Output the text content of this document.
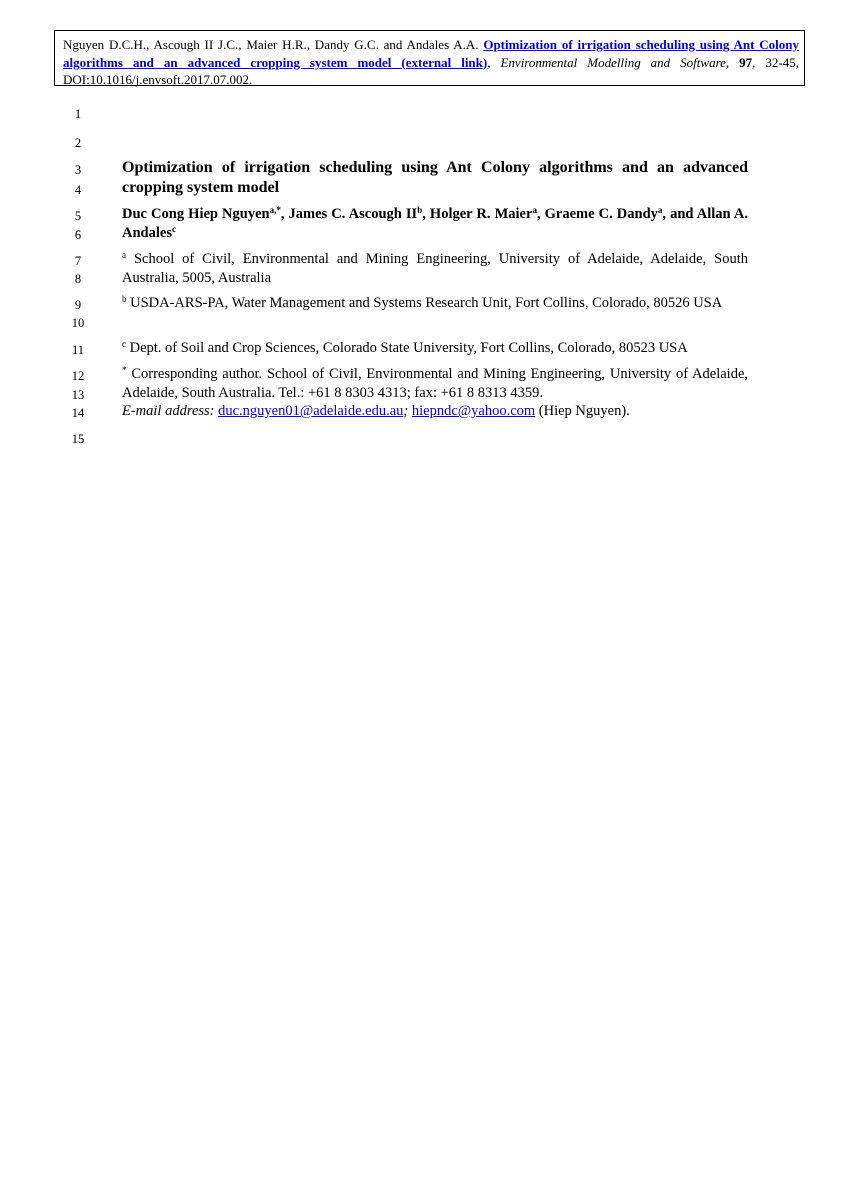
Nguyen D.C.H., Ascough II J.C., Maier H.R., Dandy G.C. and Andales A.A. Optimization of irrigation scheduling using Ant Colony algorithms and an advanced cropping system model (external link), Environmental Modelling and Software, 97, 32-45, DOI:10.1016/j.envsoft.2017.07.002.
1
2
3
4
5
6
7
8
9
10
11
12
13
14
15
Optimization of irrigation scheduling using Ant Colony algorithms and an advanced cropping system model
Duc Cong Hiep Nguyen$^{a,*}$, James C. Ascough $II^b$, Holger R. Maier$^a$, Graeme C. Dandy$^a$, and Allan A. Andales$^c$
$^a$ School of Civil, Environmental and Mining Engineering, University of Adelaide, Adelaide, South Australia, 5005, Australia
$^b$ USDA-ARS-PA, Water Management and Systems Research Unit, Fort Collins, Colorado, 80526 USA
$^c$ Dept. of Soil and Crop Sciences, Colorado State University, Fort Collins, Colorado, 80523 USA
* Corresponding author. School of Civil, Environmental and Mining Engineering, University of Adelaide, Adelaide, South Australia. Tel.: +61 8 8303 4313; fax: +61 8 8313 4359.
E-mail address: duc.nguyen01@adelaide.edu.au; hiepndc@yahoo.com (Hiep Nguyen).
